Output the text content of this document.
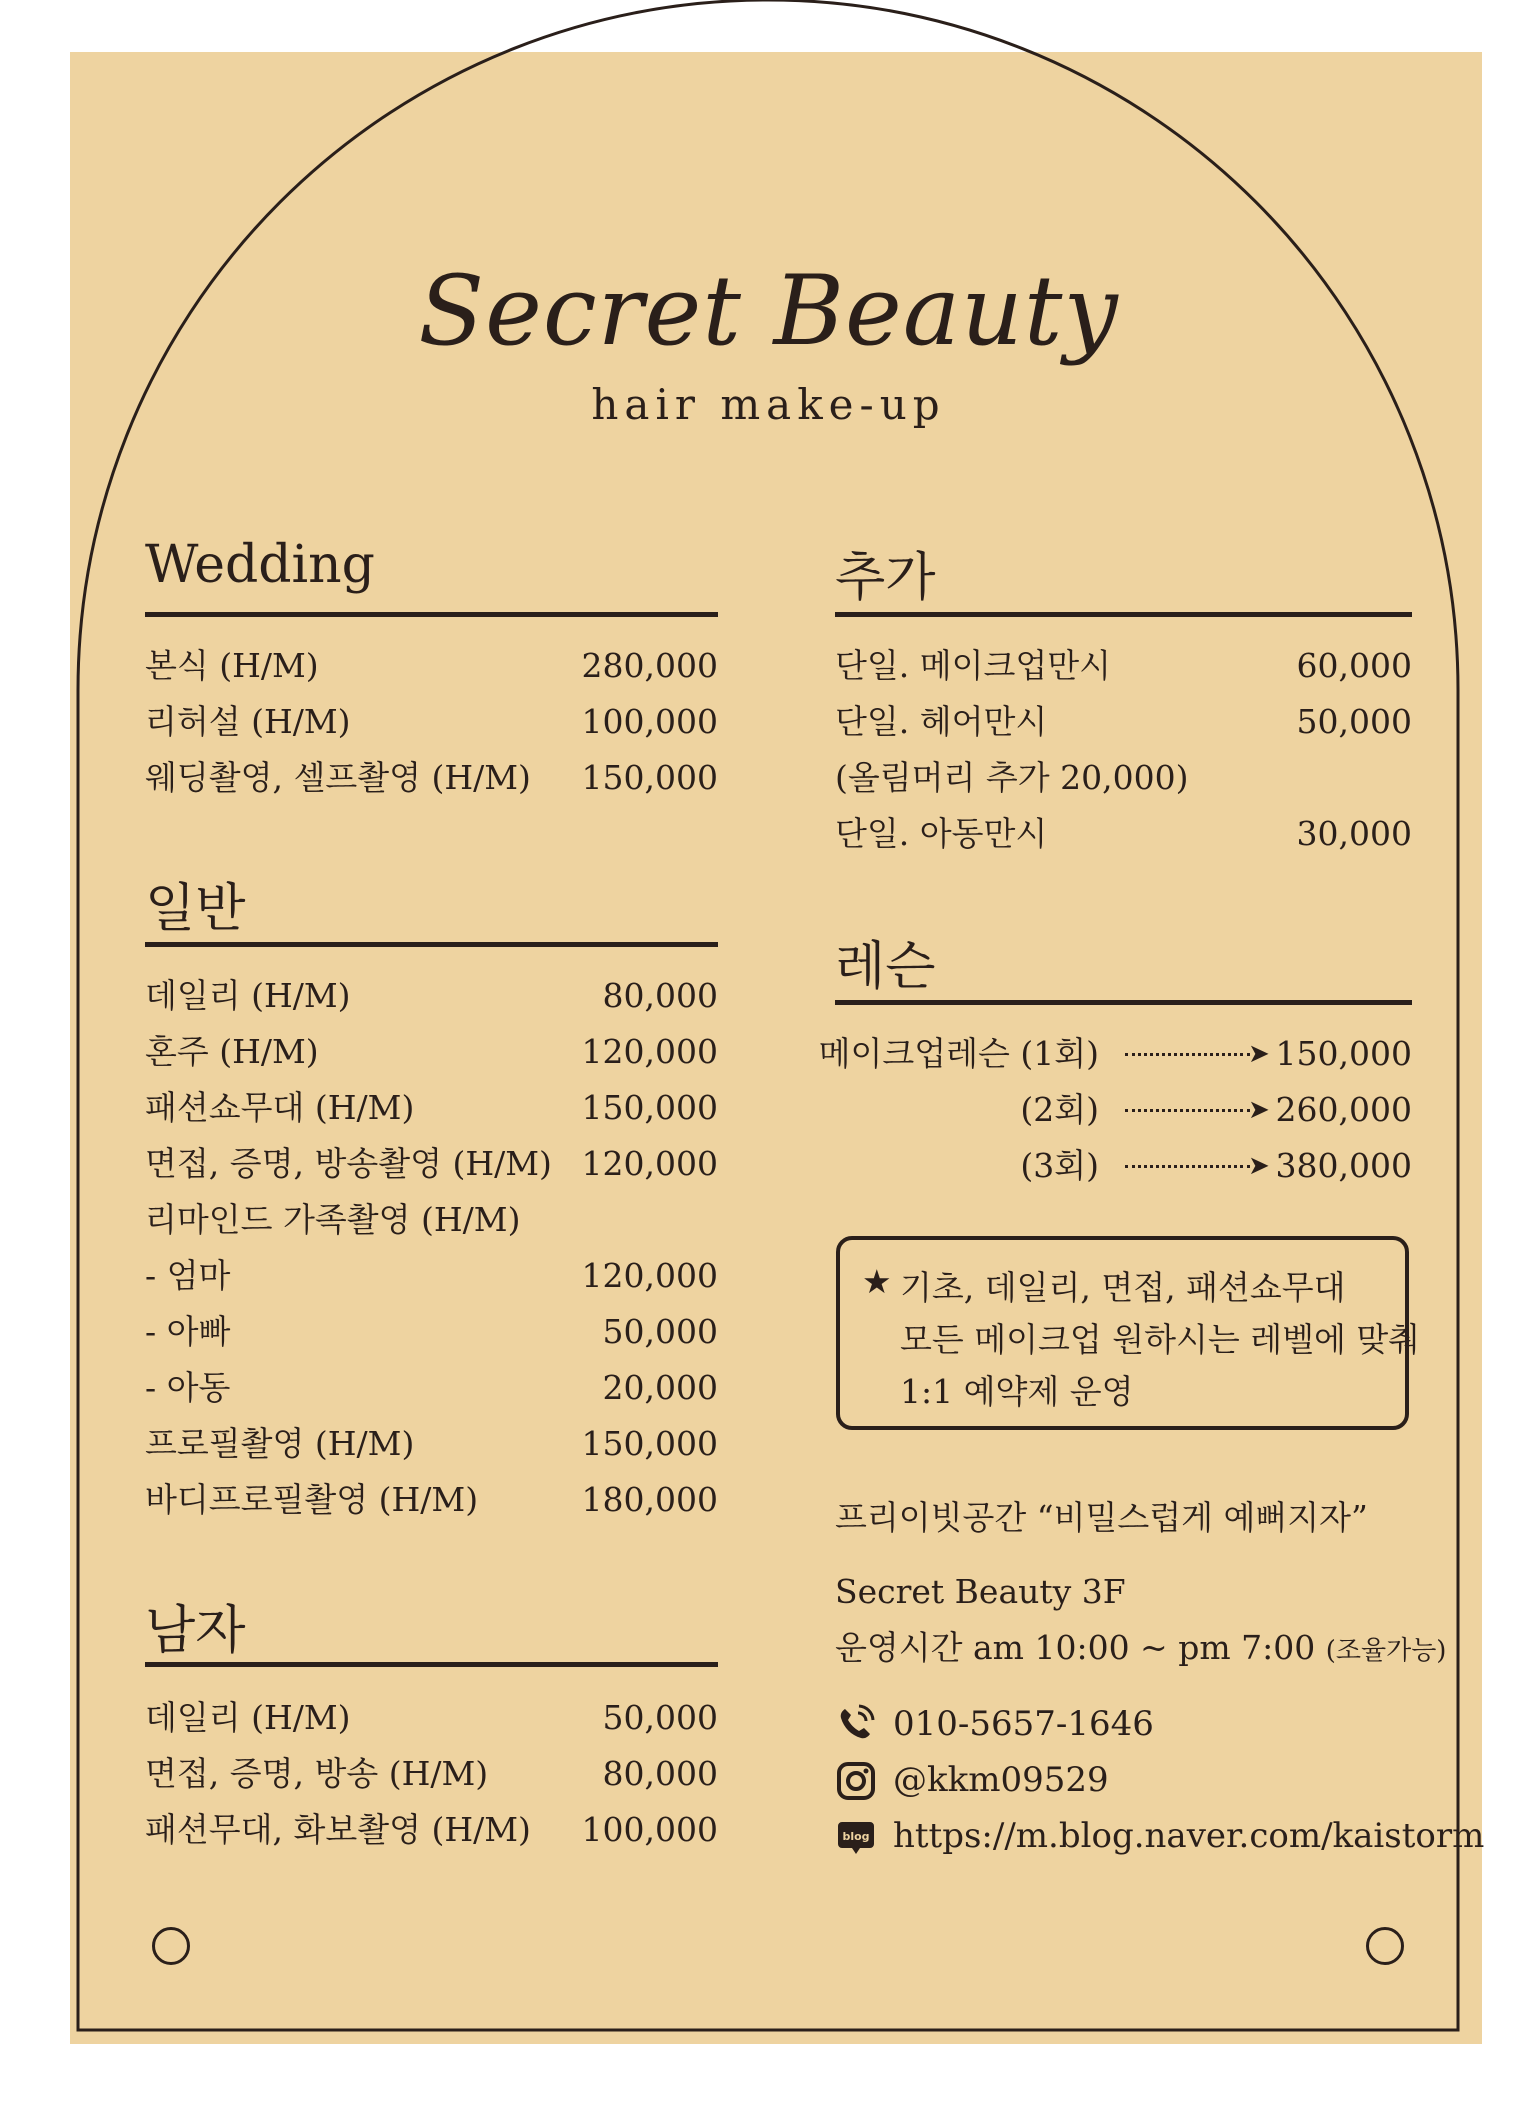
Secret Beauty
hair make-up
Wedding
본식 (H/M)	280,000
리허설 (H/M)	100,000
웨딩촬영, 셀프촬영 (H/M) 150,000
일반
데일리 (H/M)	80,000
혼주 (H/M)	120,000
패션쇼무대 (H/M)	150,000
면접, 증명, 방송촬영 (H/M) 120,000
리마인드 가족촬영 (H/M)
- 엄마	120,000
- 아빠	50,000
- 아동	20,000
프로필촬영 (H/M)	150,000
바디프로필촬영 (H/M)	180,000
남자
데일리 (H/M)	50,000
면접, 증명, 방송 (H/M)	80,000
패션무대, 화보촬영 (H/M) 100,000
추가
단일. 메이크업만시	60,000
단일. 헤어만시	50,000
(올림머리 추가 20,000)
단일. 아동만시	30,000
레슨
메이크업레슨 (1회)	➤ 150,000
(2회)	➤ 260,000
(3회)	➤ 380,000
★ 기초, 데일리, 면접, 패션쇼무대
모든 메이크업 원하시는 레벨에 맞춰
1:1 예약제 운영
프리이빗공간 “비밀스럽게 예뻐지자”
Secret Beauty 3F
운영시간 am 10:00 ~ pm 7:00 (조율가능)
010-5657-1646
@kkm09529
blog https://m.blog.naver.com/kaistorm
